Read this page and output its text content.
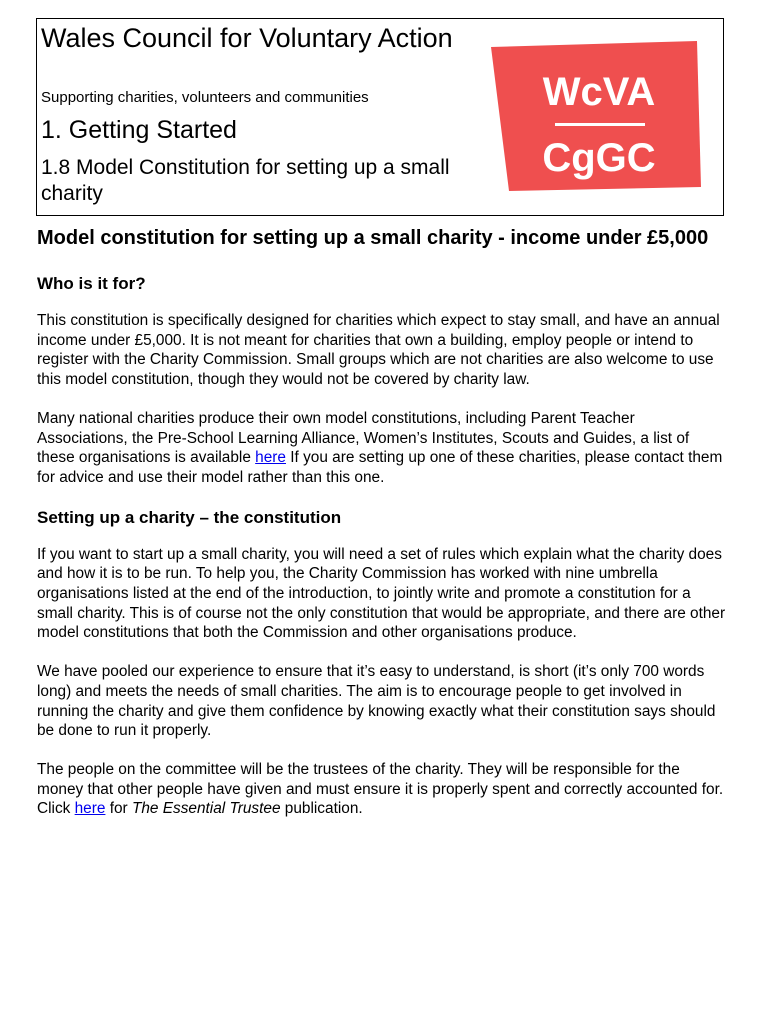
Wales Council for Voluntary Action
Supporting charities, volunteers and communities
1. Getting Started
1.8 Model Constitution for setting up a small charity
WcVA
CgGC
Model constitution for setting up a small charity - income under £5,000
Who is it for?

This constitution is specifically designed for charities which expect to stay small, and have an annual income under £5,000. It is not meant for charities that own a building, employ people or intend to register with the Charity Commission. Small groups which are not charities are also welcome to use this model constitution, though they would not be covered by charity law.

Many national charities produce their own model constitutions, including Parent Teacher Associations, the Pre-School Learning Alliance, Women’s Institutes, Scouts and Guides, a list of these organisations is available here If you are setting up one of these charities, please contact them for advice and use their model rather than this one.

Setting up a charity – the constitution

If you want to start up a small charity, you will need a set of rules which explain what the charity does and how it is to be run. To help you, the Charity Commission has worked with nine umbrella organisations listed at the end of the introduction, to jointly write and promote a constitution for a small charity. This is of course not the only constitution that would be appropriate, and there are other model constitutions that both the Commission and other organisations produce.

We have pooled our experience to ensure that it’s easy to understand, is short (it’s only 700 words long) and meets the needs of small charities. The aim is to encourage people to get involved in running the charity and give them confidence by knowing exactly what their constitution says should be done to run it properly.

The people on the committee will be the trustees of the charity. They will be responsible for the money that other people have given and must ensure it is properly spent and correctly accounted for. Click here for The Essential Trustee publication.
